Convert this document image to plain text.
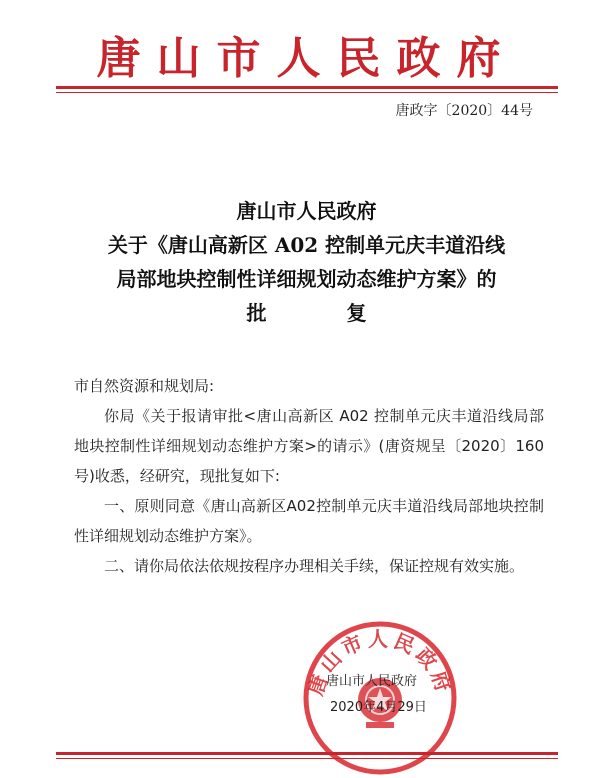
唐山市人民政府
唐政字〔2020〕44号
唐山市人民政府
关于《唐山高新区 A02 控制单元庆丰道沿线
局部地块控制性详细规划动态维护方案》的
批　复

市自然资源和规划局:

你局《关于报请审批<唐山高新区 A02 控制单元庆丰道沿线局部地块控制性详细规划动态维护方案>的请示》(唐资规呈〔2020〕160 号)收悉，经研究，现批复如下:

一、原则同意《唐山高新区A02控制单元庆丰道沿线局部地块控制性详细规划动态维护方案》。

二、请你局依法依规按程序办理相关手续，保证控规有效实施。

唐山市人民政府
唐山市人民政府
2020年4月29日
